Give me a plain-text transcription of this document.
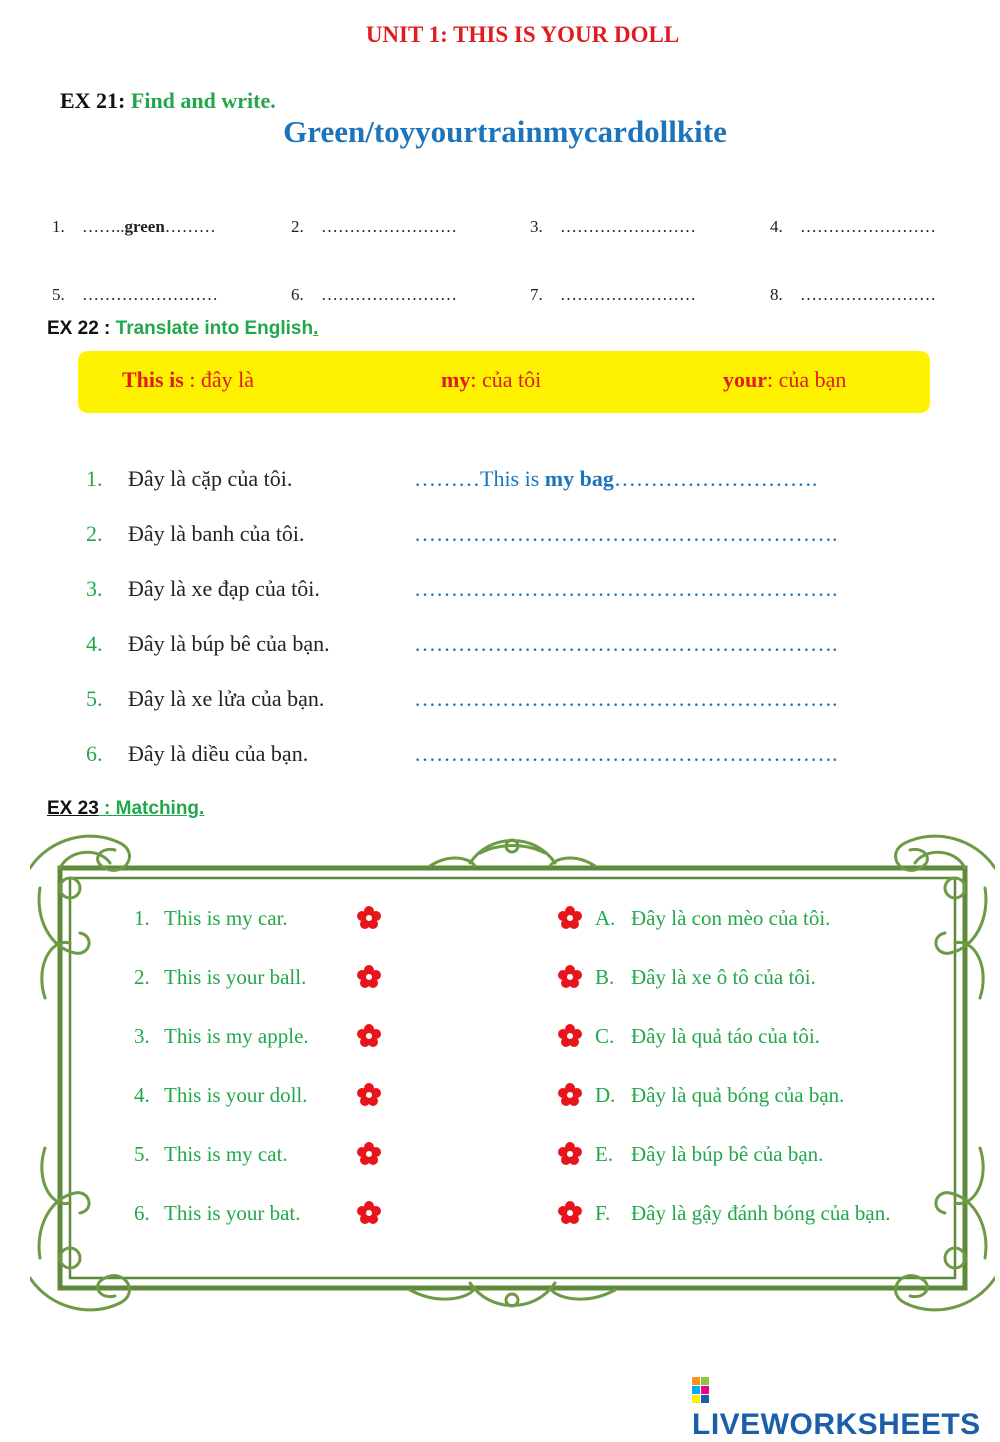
UNIT 1: THIS IS YOUR DOLL
EX 21: Find and write.
Green/toyyourtrainmycardollkite
1. ……..green………	2. ……………………	3. ……………………	4. ……………………
5. ……………………	6. ……………………	7. ……………………	8. ……………………
EX 22 : Translate into English.
This is : đây là	my: của tôi	your: của bạn
1. Đây là cặp của tôi.	………This is my bag……………………….
2. Đây là banh của tôi.	………………………………………………….
3. Đây là xe đạp của tôi.	………………………………………………….
4. Đây là búp bê của bạn.	………………………………………………….
5. Đây là xe lửa của bạn.	………………………………………………….
6. Đây là diều của bạn.	………………………………………………….
EX 23 : Matching.
1. This is my car.	A. Đây là con mèo của tôi.
2. This is your ball.	B. Đây là xe ô tô của tôi.
3. This is my apple.	C. Đây là quả táo của tôi.
4. This is your doll.	D. Đây là quả bóng của bạn.
5. This is my cat.	E. Đây là búp bê của bạn.
6. This is your bat.	F. Đây là gậy đánh bóng của bạn.
LIVEWORKSHEETS
